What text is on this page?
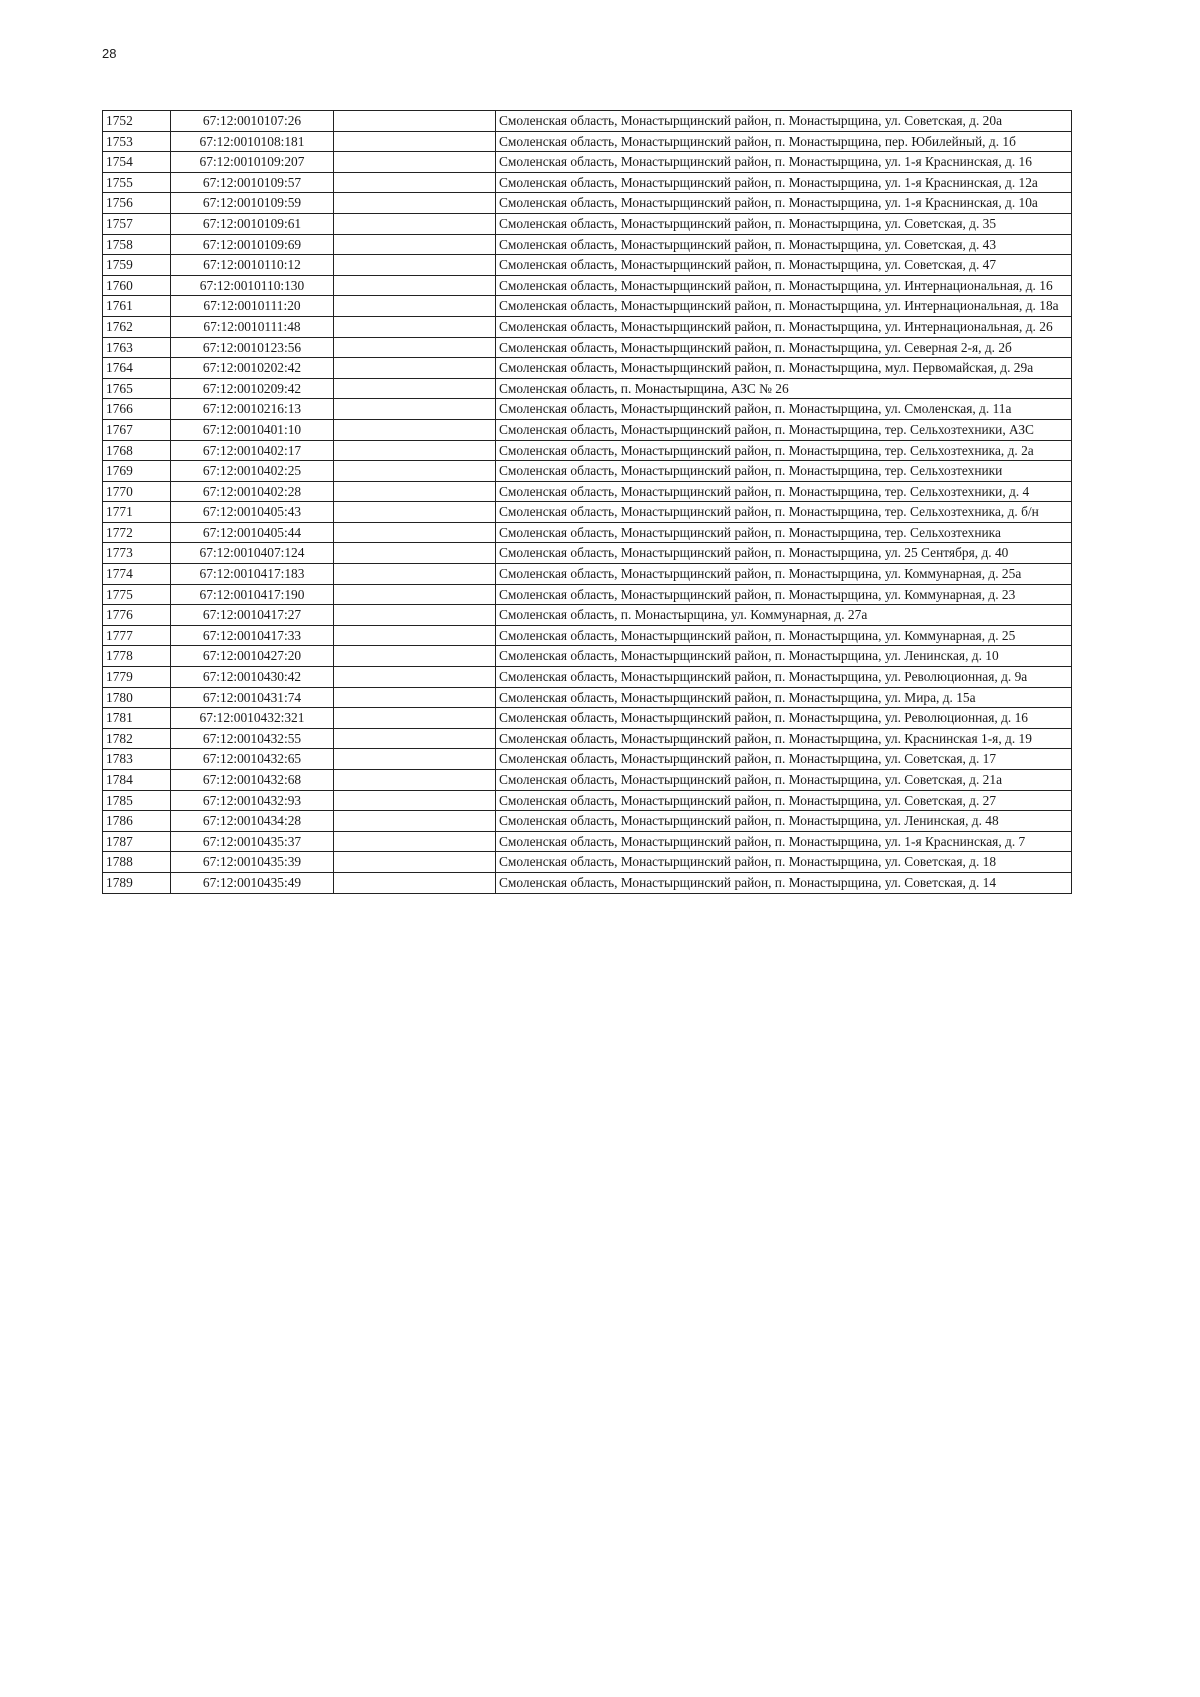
28
1752	67:12:0010107:26		Смоленская область, Монастырщинский район, п. Монастырщина, ул. Советская, д. 20а
1753	67:12:0010108:181		Смоленская область, Монастырщинский район, п. Монастырщина, пер. Юбилейный, д. 1б
1754	67:12:0010109:207		Смоленская область, Монастырщинский район, п. Монастырщина, ул. 1-я Краснинская, д. 16
1755	67:12:0010109:57		Смоленская область, Монастырщинский район, п. Монастырщина, ул. 1-я Краснинская, д. 12а
1756	67:12:0010109:59		Смоленская область, Монастырщинский район, п. Монастырщина, ул. 1-я Краснинская, д. 10а
1757	67:12:0010109:61		Смоленская область, Монастырщинский район, п. Монастырщина, ул. Советская, д. 35
1758	67:12:0010109:69		Смоленская область, Монастырщинский район, п. Монастырщина, ул. Советская, д. 43
1759	67:12:0010110:12		Смоленская область, Монастырщинский район, п. Монастырщина, ул. Советская, д. 47
1760	67:12:0010110:130		Смоленская область, Монастырщинский район, п. Монастырщина, ул. Интернациональная, д. 16
1761	67:12:0010111:20		Смоленская область, Монастырщинский район, п. Монастырщина, ул. Интернациональная, д. 18а
1762	67:12:0010111:48		Смоленская область, Монастырщинский район, п. Монастырщина, ул. Интернациональная, д. 26
1763	67:12:0010123:56		Смоленская область, Монастырщинский район, п. Монастырщина, ул. Северная 2-я, д. 2б
1764	67:12:0010202:42		Смоленская область, Монастырщинский район, п. Монастырщина, мул. Первомайская, д. 29а
1765	67:12:0010209:42		Смоленская область, п. Монастырщина, АЗС № 26
1766	67:12:0010216:13		Смоленская область, Монастырщинский район, п. Монастырщина, ул. Смоленская, д. 11а
1767	67:12:0010401:10		Смоленская область, Монастырщинский район, п. Монастырщина, тер. Сельхозтехники, АЗС
1768	67:12:0010402:17		Смоленская область, Монастырщинский район, п. Монастырщина, тер. Сельхозтехника, д. 2а
1769	67:12:0010402:25		Смоленская область, Монастырщинский район, п. Монастырщина, тер. Сельхозтехники
1770	67:12:0010402:28		Смоленская область, Монастырщинский район, п. Монастырщина, тер. Сельхозтехники, д. 4
1771	67:12:0010405:43		Смоленская область, Монастырщинский район, п. Монастырщина, тер. Сельхозтехника, д. б/н
1772	67:12:0010405:44		Смоленская область, Монастырщинский район, п. Монастырщина, тер. Сельхозтехника
1773	67:12:0010407:124		Смоленская область, Монастырщинский район, п. Монастырщина, ул. 25 Сентября, д. 40
1774	67:12:0010417:183		Смоленская область, Монастырщинский район, п. Монастырщина, ул. Коммунарная, д. 25а
1775	67:12:0010417:190		Смоленская область, Монастырщинский район, п. Монастырщина, ул. Коммунарная, д. 23
1776	67:12:0010417:27		Смоленская область, п. Монастырщина, ул. Коммунарная, д. 27а
1777	67:12:0010417:33		Смоленская область, Монастырщинский район, п. Монастырщина, ул. Коммунарная, д. 25
1778	67:12:0010427:20		Смоленская область, Монастырщинский район, п. Монастырщина, ул. Ленинская, д. 10
1779	67:12:0010430:42		Смоленская область, Монастырщинский район, п. Монастырщина, ул. Революционная, д. 9а
1780	67:12:0010431:74		Смоленская область, Монастырщинский район, п. Монастырщина, ул. Мира, д. 15а
1781	67:12:0010432:321		Смоленская область, Монастырщинский район, п. Монастырщина, ул. Революционная, д. 16
1782	67:12:0010432:55		Смоленская область, Монастырщинский район, п. Монастырщина, ул. Краснинская 1-я, д. 19
1783	67:12:0010432:65		Смоленская область, Монастырщинский район, п. Монастырщина, ул. Советская, д. 17
1784	67:12:0010432:68		Смоленская область, Монастырщинский район, п. Монастырщина, ул. Советская, д. 21а
1785	67:12:0010432:93		Смоленская область, Монастырщинский район, п. Монастырщина, ул. Советская, д. 27
1786	67:12:0010434:28		Смоленская область, Монастырщинский район, п. Монастырщина, ул. Ленинская, д. 48
1787	67:12:0010435:37		Смоленская область, Монастырщинский район, п. Монастырщина, ул. 1-я Краснинская, д. 7
1788	67:12:0010435:39		Смоленская область, Монастырщинский район, п. Монастырщина, ул. Советская, д. 18
1789	67:12:0010435:49		Смоленская область, Монастырщинский район, п. Монастырщина, ул. Советская, д. 14
